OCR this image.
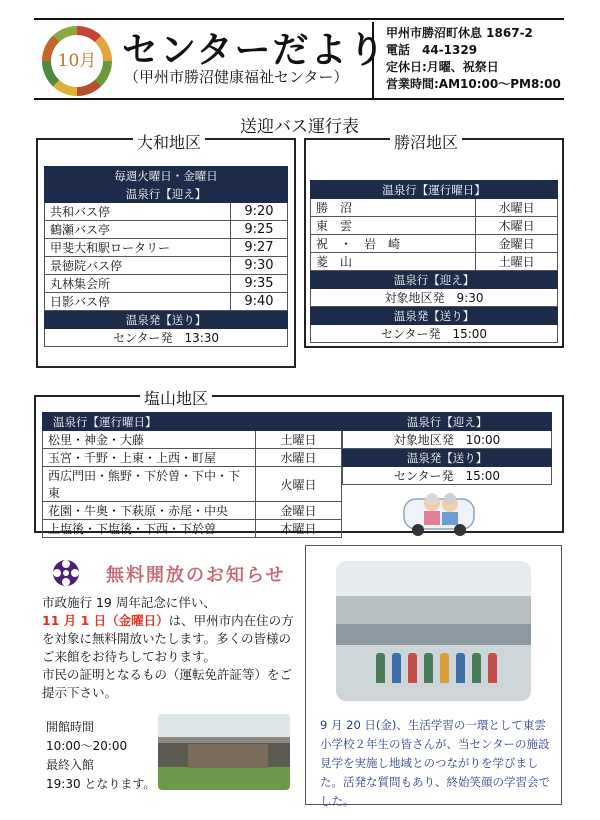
10月 センターだより
（甲州市勝沼健康福祉センター）
甲州市勝沼町休息 1867-2
電話　44-1329
定休日:月曜、祝祭日
営業時間:AM10:00～PM8:00
送迎バス運行表
毎週火曜日・金曜日	
温泉行【迎え】	
共和バス停	9:20
鶴瀬バス亭	9:25
甲斐大和駅ロータリー	9:27
景徳院バス停	9:30
丸林集会所	9:35
日影バス停	9:40
温泉発【送り】	
センター発　13:30	
大和地区
温泉行【運行曜日】	
勝　沼	水曜日
東　雲	木曜日
祝　・　岩　崎	金曜日
菱　山	土曜日
温泉行【迎え】	
対象地区発　9:30	
温泉発【送り】	
センター発　15:00	
勝沼地区
温泉行【運行曜日】	
松里・神金・大藤	土曜日
玉宮・千野・上東・上西・町屋	水曜日
西広門田・熊野・下於曽・下中・下東	火曜日
花園・牛奥・下萩原・赤尾・中央	金曜日
上塩後・下塩後・下西・下於曽	木曜日
温泉行【迎え】
対象地区発　10:00
温泉発【送り】
センター発　15:00
塩山地区
無料開放のお知らせ
市政施行 19 周年記念に伴い、
11 月 1 日（金曜日）は、甲州市内在住の方を対象に無料開放いたします。多くの皆様のご来館をお待ちしております。
市民の証明となるもの（運転免許証等）をご提示下さい。
開館時間
10:00～20:00
最終入館
19:30 となります。
9 月 20 日(金)、生活学習の一環として東雲小学校２年生の皆さんが、当センターの施設見学を実施し地域とのつながりを学びました。活発な質問もあり、終始笑顔の学習会でした。
